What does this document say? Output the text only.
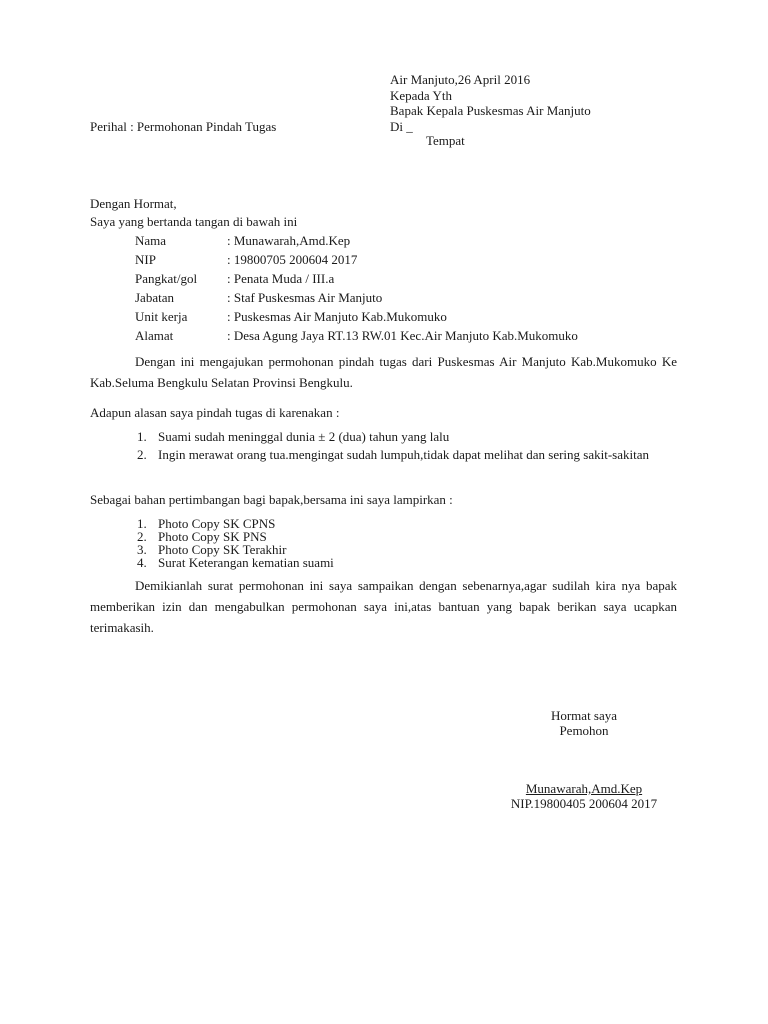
Air Manjuto,26 April 2016
Kepada Yth
Bapak Kepala Puskesmas Air Manjuto
Di _
Tempat
Perihal : Permohonan Pindah Tugas
Dengan Hormat,
Saya yang bertanda tangan di bawah ini
Nama	: Munawarah,Amd.Kep
NIP	: 19800705 200604 2017
Pangkat/gol : Penata Muda / III.a
Jabatan	: Staf Puskesmas Air Manjuto
Unit kerja	: Puskesmas Air Manjuto Kab.Mukomuko
Alamat	: Desa Agung Jaya RT.13 RW.01 Kec.Air Manjuto Kab.Mukomuko
Dengan ini mengajukan permohonan pindah tugas dari Puskesmas Air Manjuto Kab.Mukomuko Ke Kab.Seluma Bengkulu Selatan Provinsi Bengkulu.
Adapun alasan saya pindah tugas di karenakan :
1. Suami sudah meninggal dunia ± 2 (dua) tahun yang lalu
2. Ingin merawat orang tua.mengingat sudah lumpuh,tidak dapat melihat dan sering sakit-sakitan
Sebagai bahan pertimbangan bagi bapak,bersama ini saya lampirkan :
1. Photo Copy SK CPNS
2. Photo Copy SK PNS
3. Photo Copy SK Terakhir
4. Surat Keterangan kematian suami
Demikianlah surat permohonan ini saya sampaikan dengan sebenarnya,agar sudilah kira nya bapak memberikan izin dan mengabulkan permohonan saya ini,atas bantuan yang bapak berikan saya ucapkan terimakasih.
Hormat saya
Pemohon
Munawarah,Amd.Kep
NIP.19800405 200604 2017
